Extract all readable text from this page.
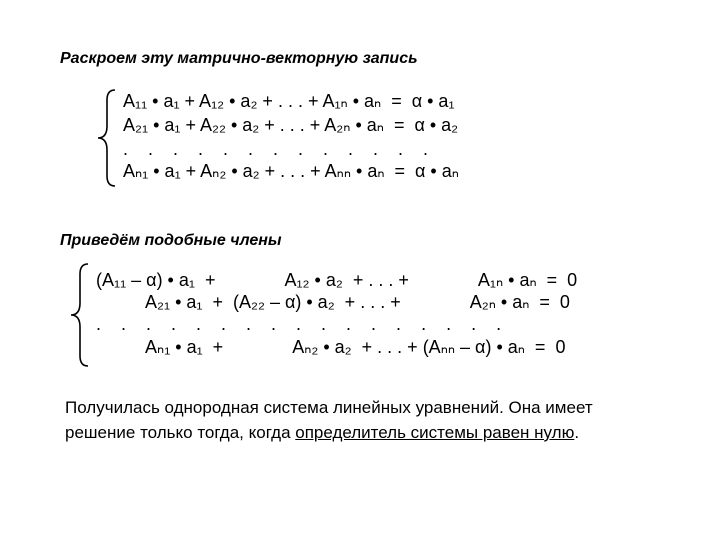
Раскроем эту матрично-векторную запись
A₁₁ • a₁ + A₁₂ • a₂ + . . . + A₁ₙ • aₙ  =  α • a₁
A₂₁ • a₁ + A₂₂ • a₂ + . . . + A₂ₙ • aₙ  =  α • a₂
.    .    .    .    .    .    .    .    .    .    .    .    .
Aₙ₁ • a₁ + Aₙ₂ • a₂ + . . . + Aₙₙ • aₙ  =  α • aₙ
Приведём подобные члены
(A₁₁ – α) • a₁  +              A₁₂ • a₂  + . . . +              A₁ₙ • aₙ  =  0
A₂₁ • a₁  +  (A₂₂ – α) • a₂  + . . . +              A₂ₙ • aₙ  =  0
.    .    .    .    .    .    .    .    .    .    .    .    .    .    .    .    .
Aₙ₁ • a₁  +              Aₙ₂ • a₂  + . . . + (Aₙₙ – α) • aₙ  =  0
Получилась однородная система линейных уравнений. Она имеет решение только тогда, когда определитель системы равен нулю.
